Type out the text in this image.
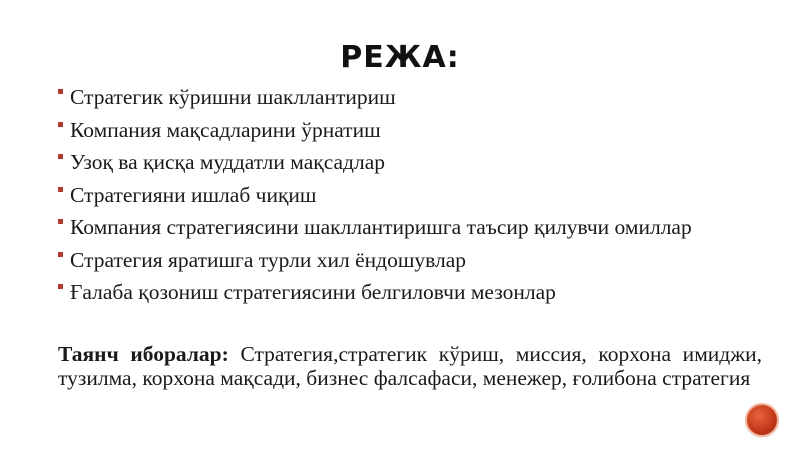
РЕЖА:
Стратегик кўришни шакллантириш
Компания мақсадларини ўрнатиш
Узоқ ва қисқа муддатли мақсадлар
Стратегияни ишлаб чиқиш
Компания стратегиясини шакллантиришга таъсир қилувчи омиллар
Стратегия яратишга турли хил ёндошувлар
Ғалаба қозониш стратегиясини белгиловчи мезонлар

Таянч иборалар: Стратегия,стратегик кўриш, миссия, корхона имиджи, тузилма, корхона мақсади, бизнес фалсафаси, менежер, ғолибона стратегия
